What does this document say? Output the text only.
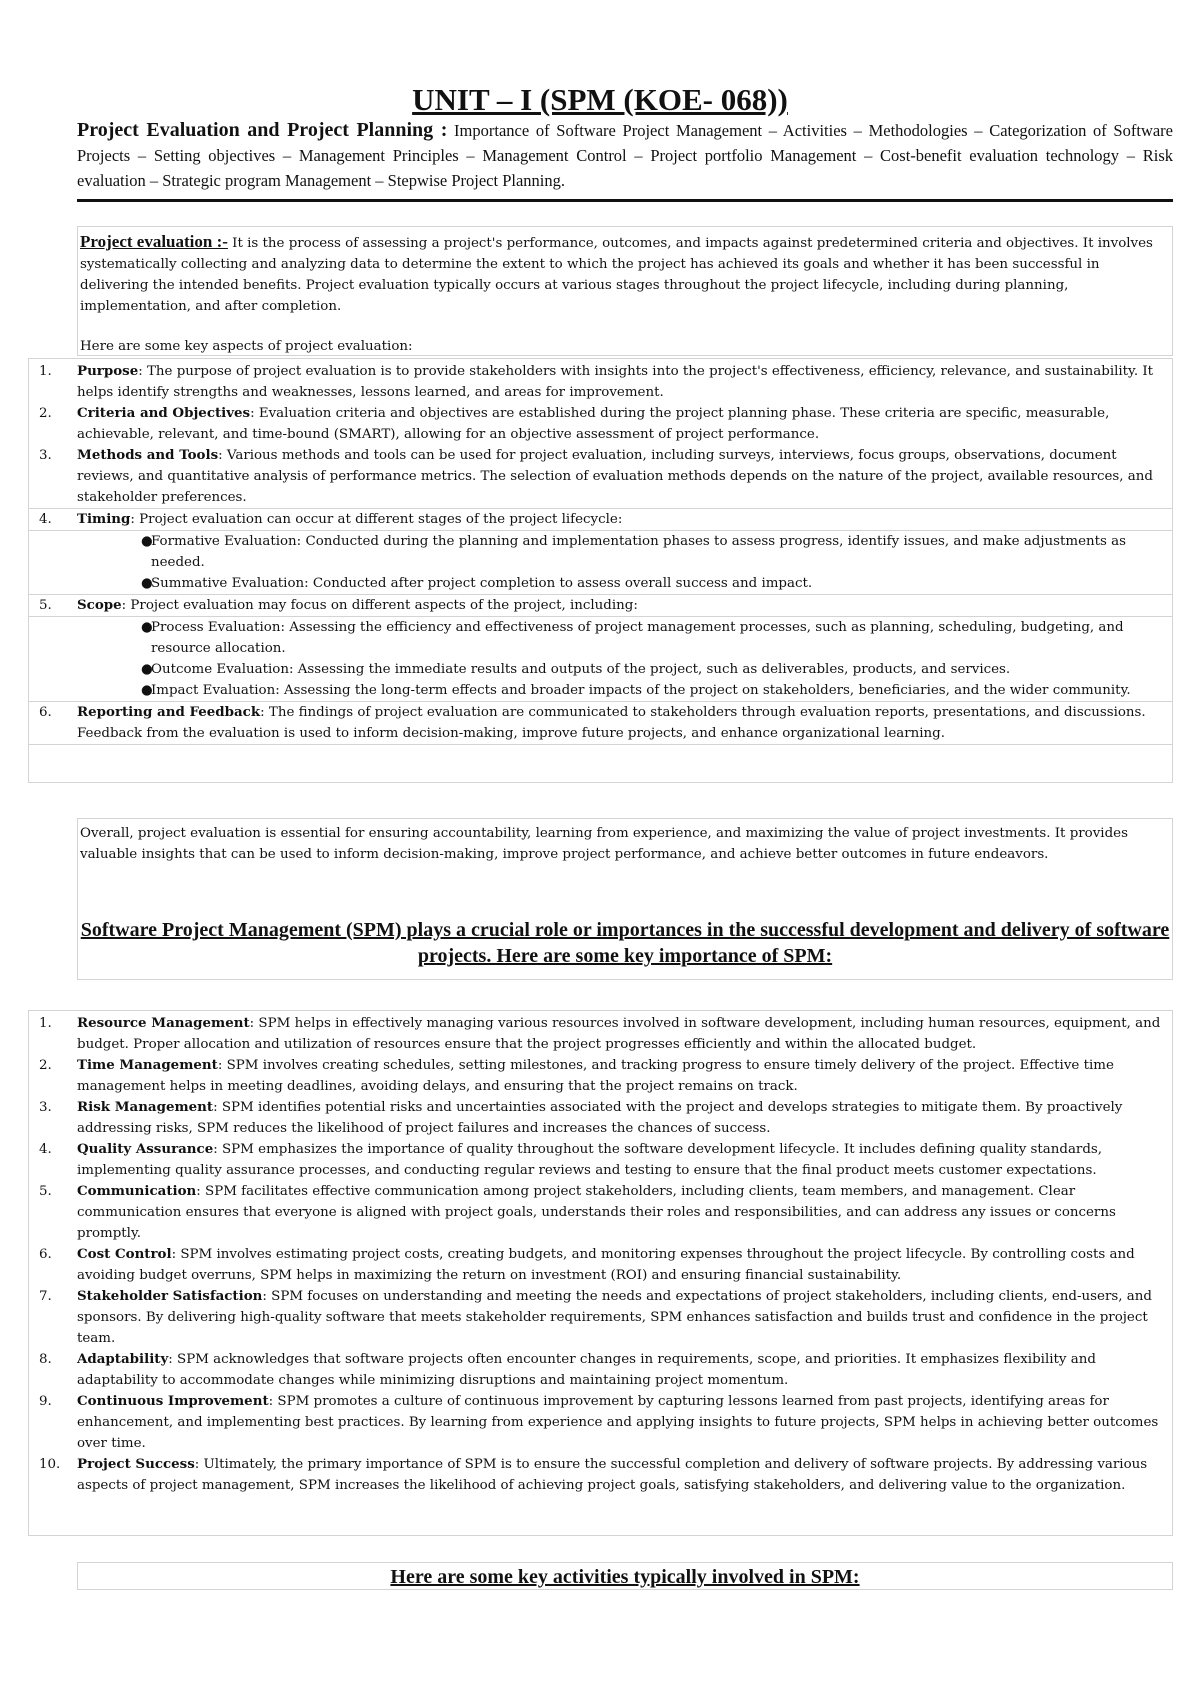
UNIT – I (SPM (KOE- 068))
Project Evaluation and Project Planning : Importance of Software Project Management – Activities – Methodologies – Categorization of Software Projects – Setting objectives – Management Principles – Management Control – Project portfolio Management – Cost-benefit evaluation technology – Risk evaluation – Strategic program Management – Stepwise Project Planning.

Project evaluation :- It is the process of assessing a project's performance, outcomes, and impacts against predetermined criteria and objectives. It involves systematically collecting and analyzing data to determine the extent to which the project has achieved its goals and whether it has been successful in delivering the intended benefits. Project evaluation typically occurs at various stages throughout the project lifecycle, including during planning, implementation, and after completion.

Here are some key aspects of project evaluation:

1.	Purpose: The purpose of project evaluation is to provide stakeholders with insights into the project's effectiveness, efficiency, relevance, and sustainability. It helps identify strengths and weaknesses, lessons learned, and areas for improvement.
2.	Criteria and Objectives: Evaluation criteria and objectives are established during the project planning phase. These criteria are specific, measurable, achievable, relevant, and time-bound (SMART), allowing for an objective assessment of project performance.
3.	Methods and Tools: Various methods and tools can be used for project evaluation, including surveys, interviews, focus groups, observations, document reviews, and quantitative analysis of performance metrics. The selection of evaluation methods depends on the nature of the project, available resources, and stakeholder preferences.
4.	Timing: Project evaluation can occur at different stages of the project lifecycle:
●
Formative Evaluation: Conducted during the planning and implementation phases to assess progress, identify issues, and make adjustments as needed.
●
Summative Evaluation: Conducted after project completion to assess overall success and impact.
5.	Scope: Project evaluation may focus on different aspects of the project, including:
●
Process Evaluation: Assessing the efficiency and effectiveness of project management processes, such as planning, scheduling, budgeting, and resource allocation.
●
Outcome Evaluation: Assessing the immediate results and outputs of the project, such as deliverables, products, and services.
●
Impact Evaluation: Assessing the long-term effects and broader impacts of the project on stakeholders, beneficiaries, and the wider community.
6.	Reporting and Feedback: The findings of project evaluation are communicated to stakeholders through evaluation reports, presentations, and discussions. Feedback from the evaluation is used to inform decision-making, improve future projects, and enhance organizational learning.

Overall, project evaluation is essential for ensuring accountability, learning from experience, and maximizing the value of project investments. It provides valuable insights that can be used to inform decision-making, improve project performance, and achieve better outcomes in future endeavors.

Software Project Management (SPM) plays a crucial role or importances in the successful development and delivery of software projects. Here are some key importance of SPM:

1.	Resource Management: SPM helps in effectively managing various resources involved in software development, including human resources, equipment, and budget. Proper allocation and utilization of resources ensure that the project progresses efficiently and within the allocated budget.
2.	Time Management: SPM involves creating schedules, setting milestones, and tracking progress to ensure timely delivery of the project. Effective time management helps in meeting deadlines, avoiding delays, and ensuring that the project remains on track.
3.	Risk Management: SPM identifies potential risks and uncertainties associated with the project and develops strategies to mitigate them. By proactively addressing risks, SPM reduces the likelihood of project failures and increases the chances of success.
4.	Quality Assurance: SPM emphasizes the importance of quality throughout the software development lifecycle. It includes defining quality standards, implementing quality assurance processes, and conducting regular reviews and testing to ensure that the final product meets customer expectations.
5.	Communication: SPM facilitates effective communication among project stakeholders, including clients, team members, and management. Clear communication ensures that everyone is aligned with project goals, understands their roles and responsibilities, and can address any issues or concerns promptly.
6.	Cost Control: SPM involves estimating project costs, creating budgets, and monitoring expenses throughout the project lifecycle. By controlling costs and avoiding budget overruns, SPM helps in maximizing the return on investment (ROI) and ensuring financial sustainability.
7.	Stakeholder Satisfaction: SPM focuses on understanding and meeting the needs and expectations of project stakeholders, including clients, end-users, and sponsors. By delivering high-quality software that meets stakeholder requirements, SPM enhances satisfaction and builds trust and confidence in the project team.
8.	Adaptability: SPM acknowledges that software projects often encounter changes in requirements, scope, and priorities. It emphasizes flexibility and adaptability to accommodate changes while minimizing disruptions and maintaining project momentum.
9.	Continuous Improvement: SPM promotes a culture of continuous improvement by capturing lessons learned from past projects, identifying areas for enhancement, and implementing best practices. By learning from experience and applying insights to future projects, SPM helps in achieving better outcomes over time.
10.	Project Success: Ultimately, the primary importance of SPM is to ensure the successful completion and delivery of software projects. By addressing various aspects of project management, SPM increases the likelihood of achieving project goals, satisfying stakeholders, and delivering value to the organization.
Here are some key activities typically involved in SPM:
